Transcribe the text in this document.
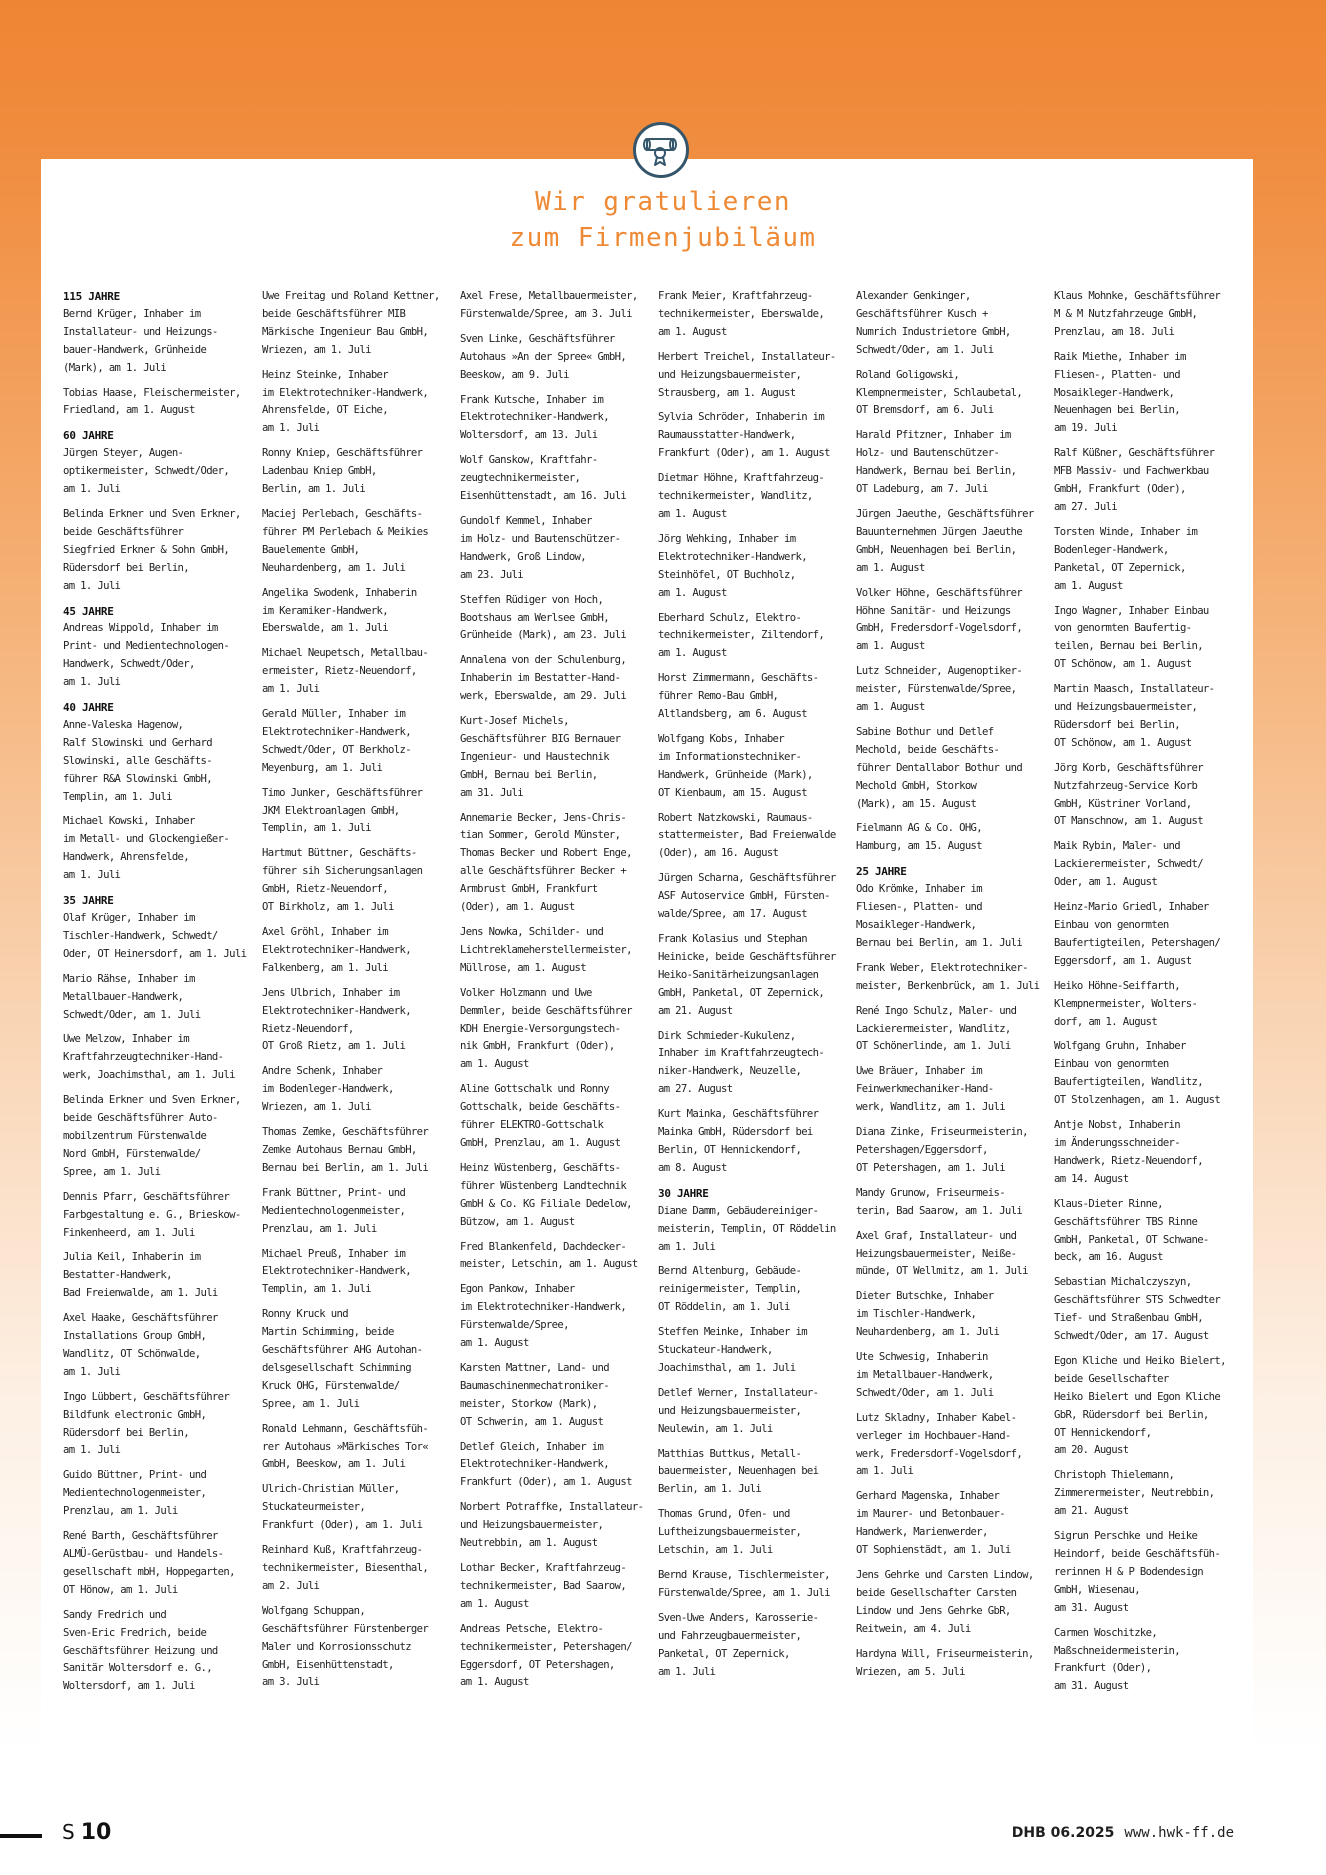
Wir gratulieren
zum Firmenjubiläum
115 JAHRE
Bernd Krüger, Inhaber im
Installateur- und Heizungs-
bauer-Handwerk, Grünheide
(Mark), am 1. Juli
Tobias Haase, Fleischermeister,
Friedland, am 1. August
60 JAHRE
Jürgen Steyer, Augen-
optikermeister, Schwedt/Oder,
am 1. Juli
Belinda Erkner und Sven Erkner,
beide Geschäftsführer
Siegfried Erkner & Sohn GmbH,
Rüdersdorf bei Berlin,
am 1. Juli
45 JAHRE
Andreas Wippold, Inhaber im
Print- und Medientechnologen-
Handwerk, Schwedt/Oder,
am 1. Juli
40 JAHRE
Anne-Valeska Hagenow,
Ralf Slowinski und Gerhard
Slowinski, alle Geschäfts-
führer R&A Slowinski GmbH,
Templin, am 1. Juli
Michael Kowski, Inhaber
im Metall- und Glockengießer-
Handwerk, Ahrensfelde,
am 1. Juli
35 JAHRE
Olaf Krüger, Inhaber im
Tischler-Handwerk, Schwedt/
Oder, OT Heinersdorf, am 1. Juli
Mario Rähse, Inhaber im
Metallbauer-Handwerk,
Schwedt/Oder, am 1. Juli
Uwe Melzow, Inhaber im
Kraftfahrzeugtechniker-Hand-
werk, Joachimsthal, am 1. Juli
Belinda Erkner und Sven Erkner,
beide Geschäftsführer Auto-
mobilzentrum Fürstenwalde
Nord GmbH, Fürstenwalde/
Spree, am 1. Juli
Dennis Pfarr, Geschäftsführer
Farbgestaltung e. G., Brieskow-
Finkenheerd, am 1. Juli
Julia Keil, Inhaberin im
Bestatter-Handwerk,
Bad Freienwalde, am 1. Juli
Axel Haake, Geschäftsführer
Installations Group GmbH,
Wandlitz, OT Schönwalde,
am 1. Juli
Ingo Lübbert, Geschäftsführer
Bildfunk electronic GmbH,
Rüdersdorf bei Berlin,
am 1. Juli
Guido Büttner, Print- und
Medientechnologenmeister,
Prenzlau, am 1. Juli
René Barth, Geschäftsführer
ALMÜ-Gerüstbau- und Handels-
gesellschaft mbH, Hoppegarten,
OT Hönow, am 1. Juli
Sandy Fredrich und
Sven-Eric Fredrich, beide
Geschäftsführer Heizung und
Sanitär Woltersdorf e. G.,
Woltersdorf, am 1. Juli
Uwe Freitag und Roland Kettner,
beide Geschäftsführer MIB
Märkische Ingenieur Bau GmbH,
Wriezen, am 1. Juli
Heinz Steinke, Inhaber
im Elektrotechniker-Handwerk,
Ahrensfelde, OT Eiche,
am 1. Juli
Ronny Kniep, Geschäftsführer
Ladenbau Kniep GmbH,
Berlin, am 1. Juli
Maciej Perlebach, Geschäfts-
führer PM Perlebach & Meikies
Bauelemente GmbH,
Neuhardenberg, am 1. Juli
Angelika Swodenk, Inhaberin
im Keramiker-Handwerk,
Eberswalde, am 1. Juli
Michael Neupetsch, Metallbau-
ermeister, Rietz-Neuendorf,
am 1. Juli
Gerald Müller, Inhaber im
Elektrotechniker-Handwerk,
Schwedt/Oder, OT Berkholz-
Meyenburg, am 1. Juli
Timo Junker, Geschäftsführer
JKM Elektroanlagen GmbH,
Templin, am 1. Juli
Hartmut Büttner, Geschäfts-
führer sih Sicherungsanlagen
GmbH, Rietz-Neuendorf,
OT Birkholz, am 1. Juli
Axel Gröhl, Inhaber im
Elektrotechniker-Handwerk,
Falkenberg, am 1. Juli
Jens Ulbrich, Inhaber im
Elektrotechniker-Handwerk,
Rietz-Neuendorf,
OT Groß Rietz, am 1. Juli
Andre Schenk, Inhaber
im Bodenleger-Handwerk,
Wriezen, am 1. Juli
Thomas Zemke, Geschäftsführer
Zemke Autohaus Bernau GmbH,
Bernau bei Berlin, am 1. Juli
Frank Büttner, Print- und
Medientechnologenmeister,
Prenzlau, am 1. Juli
Michael Preuß, Inhaber im
Elektrotechniker-Handwerk,
Templin, am 1. Juli
Ronny Kruck und
Martin Schimming, beide
Geschäftsführer AHG Autohan-
delsgesellschaft Schimming
Kruck OHG, Fürstenwalde/
Spree, am 1. Juli
Ronald Lehmann, Geschäftsfüh-
rer Autohaus »Märkisches Tor«
GmbH, Beeskow, am 1. Juli
Ulrich-Christian Müller,
Stuckateurmeister,
Frankfurt (Oder), am 1. Juli
Reinhard Kuß, Kraftfahrzeug-
technikermeister, Biesenthal,
am 2. Juli
Wolfgang Schuppan,
Geschäftsführer Fürstenberger
Maler und Korrosionsschutz
GmbH, Eisenhüttenstadt,
am 3. Juli
Axel Frese, Metallbauermeister,
Fürstenwalde/Spree, am 3. Juli
Sven Linke, Geschäftsführer
Autohaus »An der Spree« GmbH,
Beeskow, am 9. Juli
Frank Kutsche, Inhaber im
Elektrotechniker-Handwerk,
Woltersdorf, am 13. Juli
Wolf Ganskow, Kraftfahr-
zeugtechnikermeister,
Eisenhüttenstadt, am 16. Juli
Gundolf Kemmel, Inhaber
im Holz- und Bautenschützer-
Handwerk, Groß Lindow,
am 23. Juli
Steffen Rüdiger von Hoch,
Bootshaus am Werlsee GmbH,
Grünheide (Mark), am 23. Juli
Annalena von der Schulenburg,
Inhaberin im Bestatter-Hand-
werk, Eberswalde, am 29. Juli
Kurt-Josef Michels,
Geschäftsführer BIG Bernauer
Ingenieur- und Haustechnik
GmbH, Bernau bei Berlin,
am 31. Juli
Annemarie Becker, Jens-Chris-
tian Sommer, Gerold Münster,
Thomas Becker und Robert Enge,
alle Geschäftsführer Becker +
Armbrust GmbH, Frankfurt
(Oder), am 1. August
Jens Nowka, Schilder- und
Lichtreklameherstellermeister,
Müllrose, am 1. August
Volker Holzmann und Uwe
Demmler, beide Geschäftsführer
KDH Energie-Versorgungstech-
nik GmbH, Frankfurt (Oder),
am 1. August
Aline Gottschalk und Ronny
Gottschalk, beide Geschäfts-
führer ELEKTRO-Gottschalk
GmbH, Prenzlau, am 1. August
Heinz Wüstenberg, Geschäfts-
führer Wüstenberg Landtechnik
GmbH & Co. KG Filiale Dedelow,
Bützow, am 1. August
Fred Blankenfeld, Dachdecker-
meister, Letschin, am 1. August
Egon Pankow, Inhaber
im Elektrotechniker-Handwerk,
Fürstenwalde/Spree,
am 1. August
Karsten Mattner, Land- und
Baumaschinenmechatroniker-
meister, Storkow (Mark),
OT Schwerin, am 1. August
Detlef Gleich, Inhaber im
Elektrotechniker-Handwerk,
Frankfurt (Oder), am 1. August
Norbert Potraffke, Installateur-
und Heizungsbauermeister,
Neutrebbin, am 1. August
Lothar Becker, Kraftfahrzeug-
technikermeister, Bad Saarow,
am 1. August
Andreas Petsche, Elektro-
technikermeister, Petershagen/
Eggersdorf, OT Petershagen,
am 1. August
Frank Meier, Kraftfahrzeug-
technikermeister, Eberswalde,
am 1. August
Herbert Treichel, Installateur-
und Heizungsbauermeister,
Strausberg, am 1. August
Sylvia Schröder, Inhaberin im
Raumausstatter-Handwerk,
Frankfurt (Oder), am 1. August
Dietmar Höhne, Kraftfahrzeug-
technikermeister, Wandlitz,
am 1. August
Jörg Wehking, Inhaber im
Elektrotechniker-Handwerk,
Steinhöfel, OT Buchholz,
am 1. August
Eberhard Schulz, Elektro-
technikermeister, Ziltendorf,
am 1. August
Horst Zimmermann, Geschäfts-
führer Remo-Bau GmbH,
Altlandsberg, am 6. August
Wolfgang Kobs, Inhaber
im Informationstechniker-
Handwerk, Grünheide (Mark),
OT Kienbaum, am 15. August
Robert Natzkowski, Raumaus-
stattermeister, Bad Freienwalde
(Oder), am 16. August
Jürgen Scharna, Geschäftsführer
ASF Autoservice GmbH, Fürsten-
walde/Spree, am 17. August
Frank Kolasius und Stephan
Heinicke, beide Geschäftsführer
Heiko-Sanitärheizungsanlagen
GmbH, Panketal, OT Zepernick,
am 21. August
Dirk Schmieder-Kukulenz,
Inhaber im Kraftfahrzeugtech-
niker-Handwerk, Neuzelle,
am 27. August
Kurt Mainka, Geschäftsführer
Mainka GmbH, Rüdersdorf bei
Berlin, OT Hennickendorf,
am 8. August
30 JAHRE
Diane Damm, Gebäudereiniger-
meisterin, Templin, OT Röddelin
am 1. Juli
Bernd Altenburg, Gebäude-
reinigermeister, Templin,
OT Röddelin, am 1. Juli
Steffen Meinke, Inhaber im
Stuckateur-Handwerk,
Joachimsthal, am 1. Juli
Detlef Werner, Installateur-
und Heizungsbauermeister,
Neulewin, am 1. Juli
Matthias Buttkus, Metall-
bauermeister, Neuenhagen bei
Berlin, am 1. Juli
Thomas Grund, Ofen- und
Luftheizungsbauermeister,
Letschin, am 1. Juli
Bernd Krause, Tischlermeister,
Fürstenwalde/Spree, am 1. Juli
Sven-Uwe Anders, Karosserie-
und Fahrzeugbauermeister,
Panketal, OT Zepernick,
am 1. Juli
Alexander Genkinger,
Geschäftsführer Kusch +
Numrich Industrietore GmbH,
Schwedt/Oder, am 1. Juli
Roland Goligowski,
Klempnermeister, Schlaubetal,
OT Bremsdorf, am 6. Juli
Harald Pfitzner, Inhaber im
Holz- und Bautenschützer-
Handwerk, Bernau bei Berlin,
OT Ladeburg, am 7. Juli
Jürgen Jaeuthe, Geschäftsführer
Bauunternehmen Jürgen Jaeuthe
GmbH, Neuenhagen bei Berlin,
am 1. August
Volker Höhne, Geschäftsführer
Höhne Sanitär- und Heizungs
GmbH, Fredersdorf-Vogelsdorf,
am 1. August
Lutz Schneider, Augenoptiker-
meister, Fürstenwalde/Spree,
am 1. August
Sabine Bothur und Detlef
Mechold, beide Geschäfts-
führer Dentallabor Bothur und
Mechold GmbH, Storkow
(Mark), am 15. August
Fielmann AG & Co. OHG,
Hamburg, am 15. August
25 JAHRE
Odo Krömke, Inhaber im
Fliesen-, Platten- und
Mosaikleger-Handwerk,
Bernau bei Berlin, am 1. Juli
Frank Weber, Elektrotechniker-
meister, Berkenbrück, am 1. Juli
René Ingo Schulz, Maler- und
Lackierermeister, Wandlitz,
OT Schönerlinde, am 1. Juli
Uwe Bräuer, Inhaber im
Feinwerkmechaniker-Hand-
werk, Wandlitz, am 1. Juli
Diana Zinke, Friseurmeisterin,
Petershagen/Eggersdorf,
OT Petershagen, am 1. Juli
Mandy Grunow, Friseurmeis-
terin, Bad Saarow, am 1. Juli
Axel Graf, Installateur- und
Heizungsbauermeister, Neiße-
münde, OT Wellmitz, am 1. Juli
Dieter Butschke, Inhaber
im Tischler-Handwerk,
Neuhardenberg, am 1. Juli
Ute Schwesig, Inhaberin
im Metallbauer-Handwerk,
Schwedt/Oder, am 1. Juli
Lutz Skladny, Inhaber Kabel-
verleger im Hochbauer-Hand-
werk, Fredersdorf-Vogelsdorf,
am 1. Juli
Gerhard Magenska, Inhaber
im Maurer- und Betonbauer-
Handwerk, Marienwerder,
OT Sophienstädt, am 1. Juli
Jens Gehrke und Carsten Lindow,
beide Gesellschafter Carsten
Lindow und Jens Gehrke GbR,
Reitwein, am 4. Juli
Hardyna Will, Friseurmeisterin,
Wriezen, am 5. Juli
Klaus Mohnke, Geschäftsführer
M & M Nutzfahrzeuge GmbH,
Prenzlau, am 18. Juli
Raik Miethe, Inhaber im
Fliesen-, Platten- und
Mosaikleger-Handwerk,
Neuenhagen bei Berlin,
am 19. Juli
Ralf Küßner, Geschäftsführer
MFB Massiv- und Fachwerkbau
GmbH, Frankfurt (Oder),
am 27. Juli
Torsten Winde, Inhaber im
Bodenleger-Handwerk,
Panketal, OT Zepernick,
am 1. August
Ingo Wagner, Inhaber Einbau
von genormten Baufertig-
teilen, Bernau bei Berlin,
OT Schönow, am 1. August
Martin Maasch, Installateur-
und Heizungsbauermeister,
Rüdersdorf bei Berlin,
OT Schönow, am 1. August
Jörg Korb, Geschäftsführer
Nutzfahrzeug-Service Korb
GmbH, Küstriner Vorland,
OT Manschnow, am 1. August
Maik Rybin, Maler- und
Lackierermeister, Schwedt/
Oder, am 1. August
Heinz-Mario Griedl, Inhaber
Einbau von genormten
Baufertigteilen, Petershagen/
Eggersdorf, am 1. August
Heiko Höhne-Seiffarth,
Klempnermeister, Wolters-
dorf, am 1. August
Wolfgang Gruhn, Inhaber
Einbau von genormten
Baufertigteilen, Wandlitz,
OT Stolzenhagen, am 1. August
Antje Nobst, Inhaberin
im Änderungsschneider-
Handwerk, Rietz-Neuendorf,
am 14. August
Klaus-Dieter Rinne,
Geschäftsführer TBS Rinne
GmbH, Panketal, OT Schwane-
beck, am 16. August
Sebastian Michalczyszyn,
Geschäftsführer STS Schwedter
Tief- und Straßenbau GmbH,
Schwedt/Oder, am 17. August
Egon Kliche und Heiko Bielert,
beide Gesellschafter
Heiko Bielert und Egon Kliche
GbR, Rüdersdorf bei Berlin,
OT Hennickendorf,
am 20. August
Christoph Thielemann,
Zimmerermeister, Neutrebbin,
am 21. August
Sigrun Perschke und Heike
Heindorf, beide Geschäftsfüh-
rerinnen H & P Bodendesign
GmbH, Wiesenau,
am 31. August
Carmen Woschitzke,
Maßschneidermeisterin,
Frankfurt (Oder),
am 31. August
S 10	DHB 06.2025 www.hwk-ff.de
